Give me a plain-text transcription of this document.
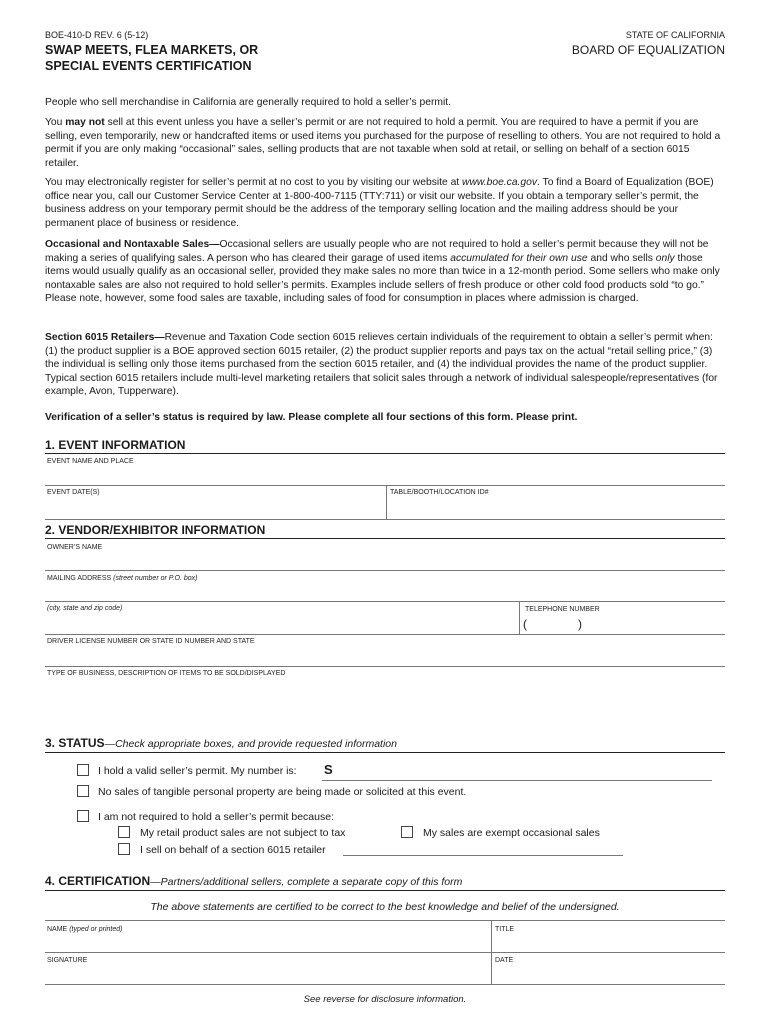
BOE-410-D REV. 6 (5-12)	STATE OF CALIFORNIA
SWAP MEETS, FLEA MARKETS, OR
SPECIAL EVENTS CERTIFICATION
BOARD OF EQUALIZATION
People who sell merchandise in California are generally required to hold a seller’s permit.
You may not sell at this event unless you have a seller’s permit or are not required to hold a permit. You are required to have a permit if you are selling, even temporarily, new or handcrafted items or used items you purchased for the purpose of reselling to others. You are not required to hold a permit if you are only making “occasional” sales, selling products that are not taxable when sold at retail, or selling on behalf of a section 6015 retailer.
You may electronically register for seller’s permit at no cost to you by visiting our website at www.boe.ca.gov. To find a Board of Equalization (BOE) office near you, call our Customer Service Center at 1-800-400-7115 (TTY:711) or visit our website. If you obtain a temporary seller’s permit, the business address on your temporary permit should be the address of the temporary selling location and the mailing address should be your permanent place of business or residence.
Occasional and Nontaxable Sales—Occasional sellers are usually people who are not required to hold a seller’s permit because they will not be making a series of qualifying sales. A person who has cleared their garage of used items accumulated for their own use and who sells only those items would usually qualify as an occasional seller, provided they make sales no more than twice in a 12-month period. Some sellers who make only nontaxable sales are also not required to hold seller’s permits. Examples include sellers of fresh produce or other cold food products sold “to go.” Please note, however, some food sales are taxable, including sales of food for consumption in places where admission is charged.
Section 6015 Retailers—Revenue and Taxation Code section 6015 relieves certain individuals of the requirement to obtain a seller’s permit when: (1) the product supplier is a BOE approved section 6015 retailer, (2) the product supplier reports and pays tax on the actual “retail selling price,” (3) the individual is selling only those items purchased from the section 6015 retailer, and (4) the individual provides the name of the product supplier. Typical section 6015 retailers include multi-level marketing retailers that solicit sales through a network of individual salespeople/representatives (for example, Avon, Tupperware).
Verification of a seller’s status is required by law. Please complete all four sections of this form. Please print.
1. EVENT INFORMATION
EVENT NAME AND PLACE
EVENT DATE(S)	TABLE/BOOTH/LOCATION ID#
2. VENDOR/EXHIBITOR INFORMATION
OWNER’S NAME
MAILING ADDRESS (street number or P.O. box)
(city, state and zip code)	TELEPHONE NUMBER
(	)
DRIVER LICENSE NUMBER OR STATE ID NUMBER AND STATE
TYPE OF BUSINESS, DESCRIPTION OF ITEMS TO BE SOLD/DISPLAYED
3. STATUS—Check appropriate boxes, and provide requested information
I hold a valid seller’s permit. My number is: S
No sales of tangible personal property are being made or solicited at this event.
I am not required to hold a seller’s permit because:
My retail product sales are not subject to tax	My sales are exempt occasional sales
I sell on behalf of a section 6015 retailer
4. CERTIFICATION—Partners/additional sellers, complete a separate copy of this form
The above statements are certified to be correct to the best knowledge and belief of the undersigned.
NAME (typed or printed)	TITLE
SIGNATURE	DATE
See reverse for disclosure information.
